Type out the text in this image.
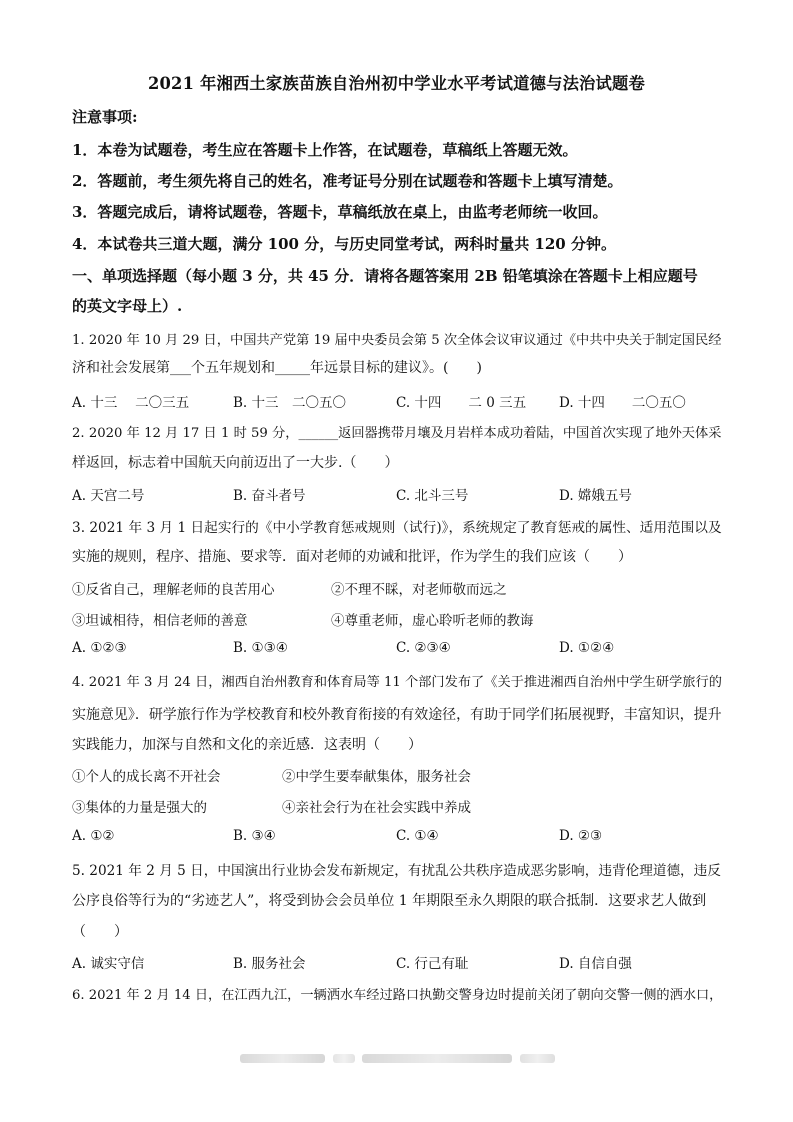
2021 年湘西土家族苗族自治州初中学业水平考试道德与法治试题卷
注意事项:
1．本卷为试题卷，考生应在答题卡上作答，在试题卷，草稿纸上答题无效。
2．答题前，考生须先将自己的姓名，准考证号分别在试题卷和答题卡上填写清楚。
3．答题完成后，请将试题卷，答题卡，草稿纸放在桌上，由监考老师统一收回。
4．本试卷共三道大题，满分 100 分，与历史同堂考试，两科时量共 120 分钟。
一、单项选择题（每小题 3 分，共 45 分．请将各题答案用 2B 铅笔填涂在答题卡上相应题号
的英文字母上）.
1. 2020 年 10 月 29 日，中国共产党第 19 届中央委员会第 5 次全体会议审议通过《中共中央关于制定国民经
济和社会发展第___个五年规划和_____年远景目标的建议》。(　　)
A. 十三　 二〇三五	B. 十三　二〇五〇	C. 十四　　二 0 三五 D. 十四　　二〇五〇
2. 2020 年 12 月 17 日 1 时 59 分，______返回器携带月壤及月岩样本成功着陆，中国首次实现了地外天体采
样返回，标志着中国航天向前迈出了一大步.（　　）
A. 天宫二号	B. 奋斗者号	C. 北斗三号	D. 嫦娥五号
3. 2021 年 3 月 1 日起实行的《中小学教育惩戒规则（试行)》，系统规定了教育惩戒的属性、适用范围以及
实施的规则，程序、措施、要求等．面对老师的劝诫和批评，作为学生的我们应该（　　）
①反省自己，理解老师的良苦用心	②不理不睬，对老师敬而远之
③坦诚相待，相信老师的善意	④尊重老师，虚心聆听老师的教诲
A. ①②③	B. ①③④	C. ②③④	D. ①②④
4. 2021 年 3 月 24 日，湘西自治州教育和体育局等 11 个部门发布了《关于推进湘西自治州中学生研学旅行的
实施意见》．研学旅行作为学校教育和校外教育衔接的有效途径，有助于同学们拓展视野，丰富知识，提升
实践能力，加深与自然和文化的亲近感．这表明（　　）
①个人的成长离不开社会	②中学生要奉献集体，服务社会
③集体的力量是强大的	④亲社会行为在社会实践中养成
A. ①②	B. ③④	C. ①④	D. ②③
5. 2021 年 2 月 5 日，中国演出行业协会发布新规定，有扰乱公共秩序造成恶劣影响，违背伦理道德，违反
公序良俗等行为的“劣迹艺人”，将受到协会会员单位 1 年期限至永久期限的联合抵制．这要求艺人做到
（　　）
A. 诚实守信	B. 服务社会	C. 行己有耻	D. 自信自强
6. 2021 年 2 月 14 日，在江西九江，一辆洒水车经过路口执勤交警身边时提前关闭了朝向交警一侧的洒水口，
